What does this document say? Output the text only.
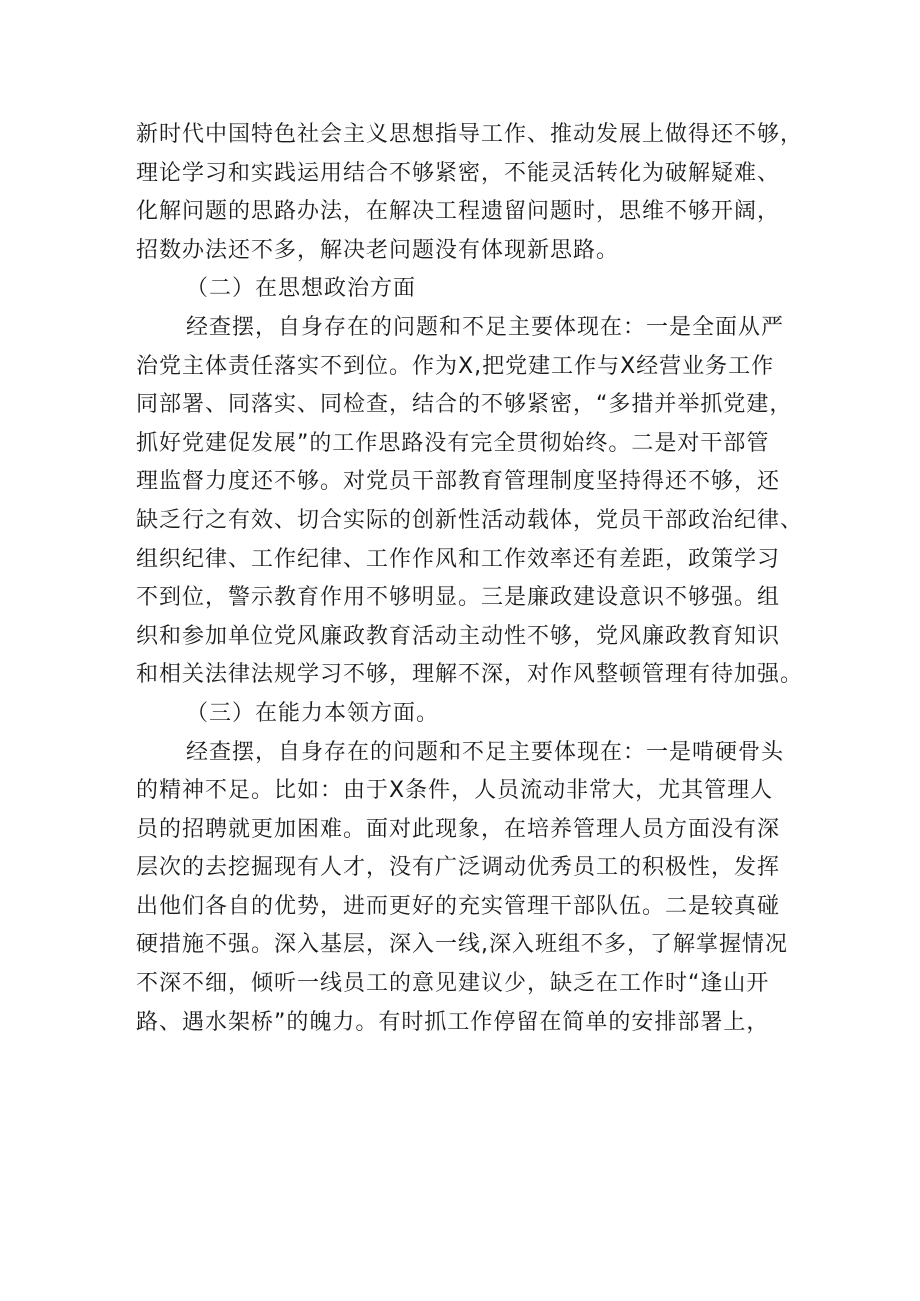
新时代中国特色社会主义思想指导工作、推动发展上做得还不够，
理论学习和实践运用结合不够紧密，不能灵活转化为破解疑难、
化解问题的思路办法，在解决工程遗留问题时，思维不够开阔，
招数办法还不多，解决老问题没有体现新思路。
（二）在思想政治方面
经查摆，自身存在的问题和不足主要体现在：一是全面从严
治党主体责任落实不到位。作为X,把党建工作与X经营业务工作
同部署、同落实、同检查，结合的不够紧密，“多措并举抓党建，
抓好党建促发展”的工作思路没有完全贯彻始终。二是对干部管
理监督力度还不够。对党员干部教育管理制度坚持得还不够，还
缺乏行之有效、切合实际的创新性活动载体，党员干部政治纪律、
组织纪律、工作纪律、工作作风和工作效率还有差距，政策学习
不到位，警示教育作用不够明显。三是廉政建设意识不够强。组
织和参加单位党风廉政教育活动主动性不够，党风廉政教育知识
和相关法律法规学习不够，理解不深，对作风整顿管理有待加强。
（三）在能力本领方面。
经查摆，自身存在的问题和不足主要体现在：一是啃硬骨头
的精神不足。比如：由于X条件，人员流动非常大，尤其管理人
员的招聘就更加困难。面对此现象，在培养管理人员方面没有深
层次的去挖掘现有人才，没有广泛调动优秀员工的积极性，发挥
出他们各自的优势，进而更好的充实管理干部队伍。二是较真碰
硬措施不强。深入基层，深入一线,深入班组不多，了解掌握情况
不深不细，倾听一线员工的意见建议少，缺乏在工作时“逢山开
路、遇水架桥”的魄力。有时抓工作停留在简单的安排部署上，
